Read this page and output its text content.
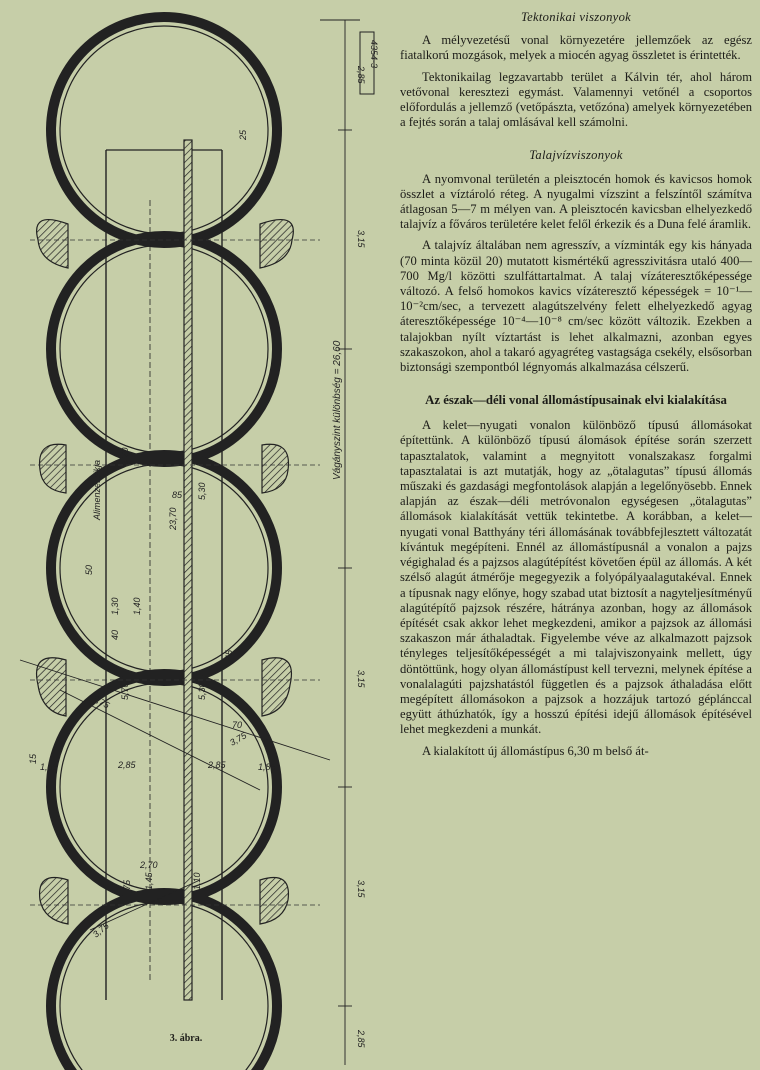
2,85
4354-3
Vágányszint különbség = 26,60
Alimenzet sikja
3,15
3,15
3,15
2,85
5,70
5,70
5,30
5,30
23,70
85
70
1,85	1,85
2,85	2,85
2,70
1,45	1,10
75
3,75
3,75
3,75
40
1,30 1,40
50
15
45
25
3. ábra.
Tektonikai viszonyok

A mélyvezetésű vonal környezetére jellemzőek az egész fiatalkorú mozgások, melyek a miocén agyag összletet is érintették.

Tektonikailag legzavartabb terület a Kálvin tér, ahol három vetővonal keresztezi egymást. Valamennyi vetőnél a csoportos előfordulás a jellemző (vetőpászta, vetőzóna) amelyek környezetében a fejtés során a talaj omlásával kell számolni.

Talajvízviszonyok

A nyomvonal területén a pleisztocén homok és kavicsos homok összlet a víztároló réteg. A nyugalmi vízszint a felszíntől számítva átlagosan 5—7 m mélyen van. A pleisztocén kavicsban elhelyezkedő talajvíz a főváros területére kelet felől érkezik és a Duna felé áramlik.

A talajvíz általában nem agresszív, a vízminták egy kis hányada (70 minta közül 20) mutatott kismértékű agresszivitásra utaló 400—700 Mg/l közötti szulfáttartalmat. A talaj vízáteresztőképessége változó. A felső homokos kavics vízáteresztő képességek = 10⁻¹—10⁻²cm/sec, a tervezett alagútszelvény felett elhelyezkedő agyag áteresztőképessége 10⁻⁴—10⁻⁸ cm/sec között változik. Ezekben a talajokban nyílt víztartást is lehet alkalmazni, azonban egyes szakaszokon, ahol a takaró agyagréteg vastagsága csekély, elsősorban biztonsági szempontból légnyomás alkalmazása célszerű.

Az észak—déli vonal állomástípusainak elvi kialakítása

A kelet—nyugati vonalon különböző típusú állomásokat építettünk. A különböző típusú álomások építése során szerzett tapasztalatok, valamint a megnyitott vonalszakasz forgalmi tapasztalatai is azt mutatják, hogy az „ötalagutas” típusú állomás műszaki és gazdasági megfontolások alapján a legelőnyösebb. Ennek alapján az észak—déli metróvonalon egységesen „ötalagutas” állomások kialakítását vettük tekintetbe. A korábban, a kelet—nyugati vonal Batthyány téri állomásának továbbfejlesztett változatát kívántuk megépíteni. Ennél az állomástípusnál a vonalon a pajzs végighalad és a pajzsos alagútépítést követően épül az állomás. A két szélső alagút átmérője megegyezik a folyópályaalagutakéval. Ennek a típusnak nagy előnye, hogy szabad utat biztosít a nagyteljesítményű alagútépítő pajzsok részére, hátránya azonban, hogy az állomások építését csak akkor lehet megkezdeni, amikor a pajzsok az állomási szakaszon már áthaladtak. Figyelembe véve az alkalmazott pajzsok tényleges teljesítőképességét a mi talajviszonyaink mellett, úgy döntöttünk, hogy olyan állomástípust kell tervezni, melynek építése a vonalalagúti pajzshatástól független és a pajzsok áthaladása előtt megépített állomásokon a pajzsok a hozzájuk tartozó géplánccal együtt áthúzhatók, így a hosszú építési idejű állomások építésével lehet megkezdeni a munkát.

A kialakított új állomástípus 6,30 m belső át-
